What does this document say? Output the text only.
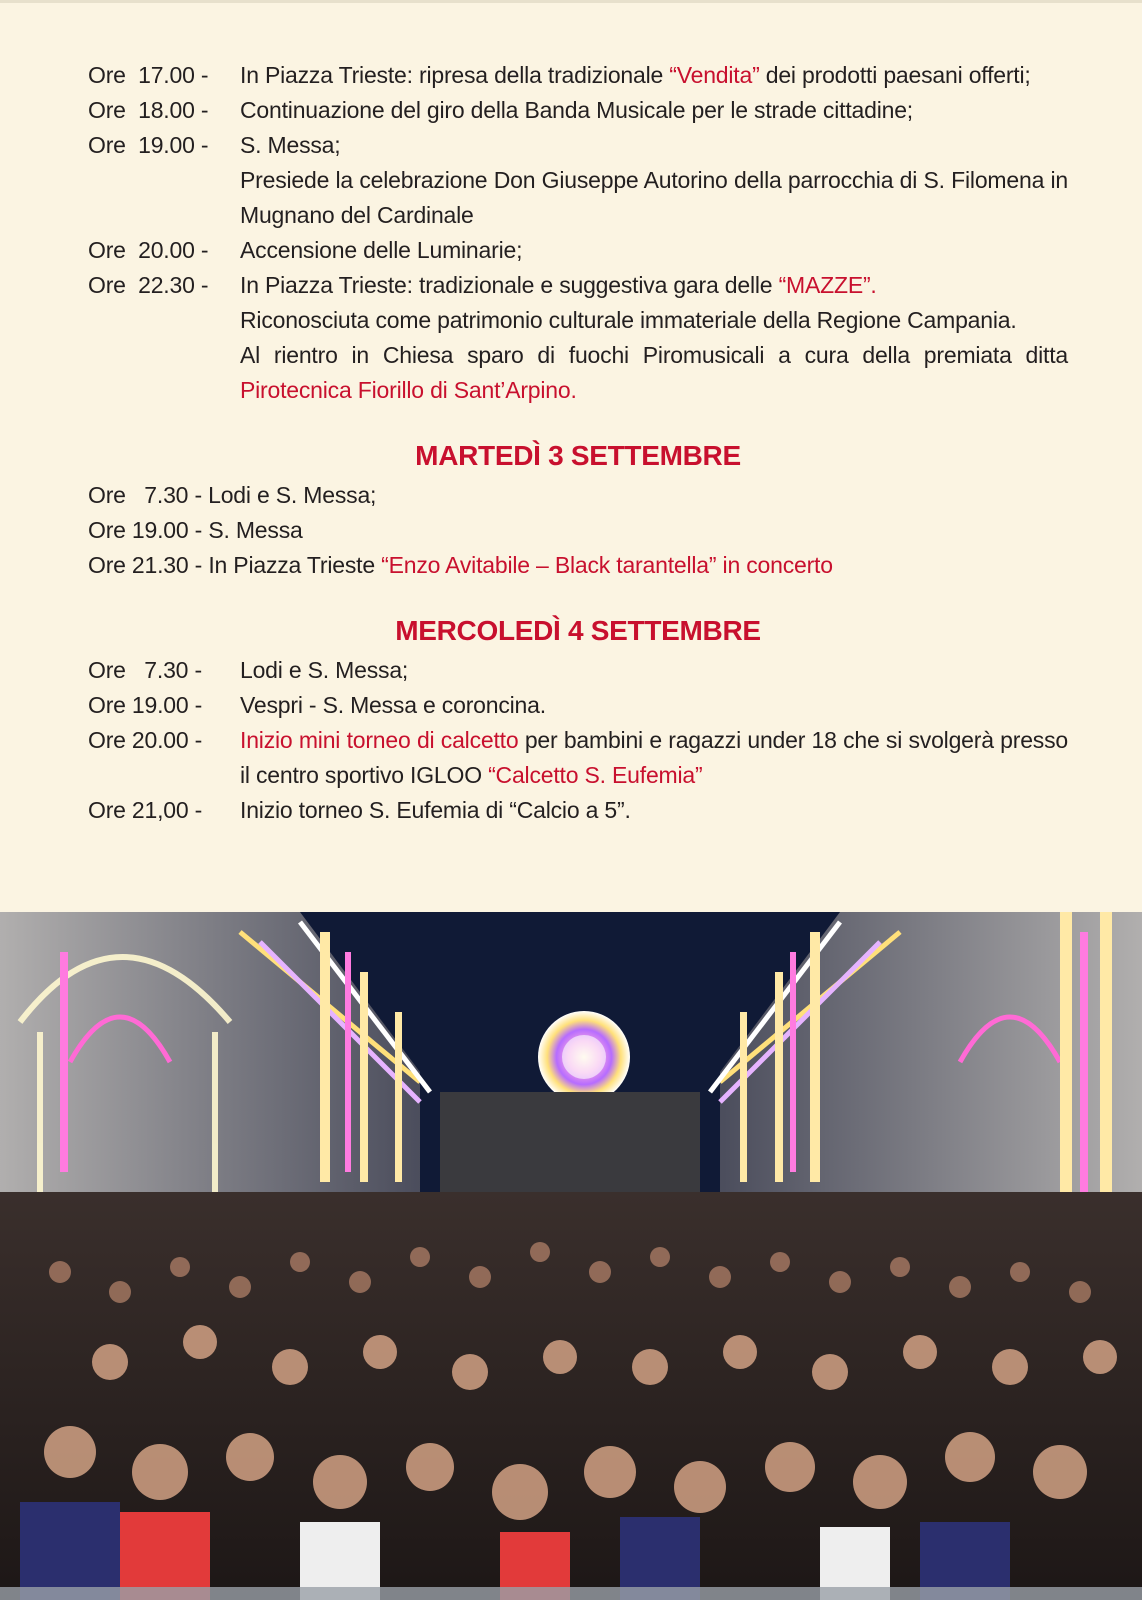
Ore  17.00 -	In Piazza Trieste: ripresa della tradizionale “Vendita” dei prodotti paesani offerti;
Ore  18.00 -	Continuazione del giro della Banda Musicale per le strade cittadine;
Ore  19.00 -	S. Messa;
Presiede la celebrazione Don Giuseppe Autorino della parrocchia di S. Filomena in Mugnano del Cardinale
Ore  20.00 -	Accensione delle Luminarie;
Ore  22.30 -	In Piazza Trieste: tradizionale e suggestiva gara delle “MAZZE”.
Riconosciuta come patrimonio culturale immateriale della Regione Campania.
Al rientro in Chiesa sparo di fuochi Piromusicali a cura della premiata ditta Pirotecnica Fiorillo di Sant’Arpino.
MARTEDÌ 3 SETTEMBRE
Ore   7.30 - Lodi e S. Messa;
Ore 19.00 - S. Messa
Ore 21.30 - In Piazza Trieste “Enzo Avitabile – Black tarantella” in concerto
MERCOLEDÌ 4 SETTEMBRE
Ore   7.30 -	Lodi e S. Messa;
Ore 19.00 -	Vespri - S. Messa e coroncina.
Ore 20.00 -	Inizio mini torneo di calcetto per bambini e ragazzi under 18 che si svolgerà presso il centro sportivo IGLOO “Calcetto S. Eufemia”
Ore 21,00 -	Inizio torneo S. Eufemia di “Calcio a 5”.
